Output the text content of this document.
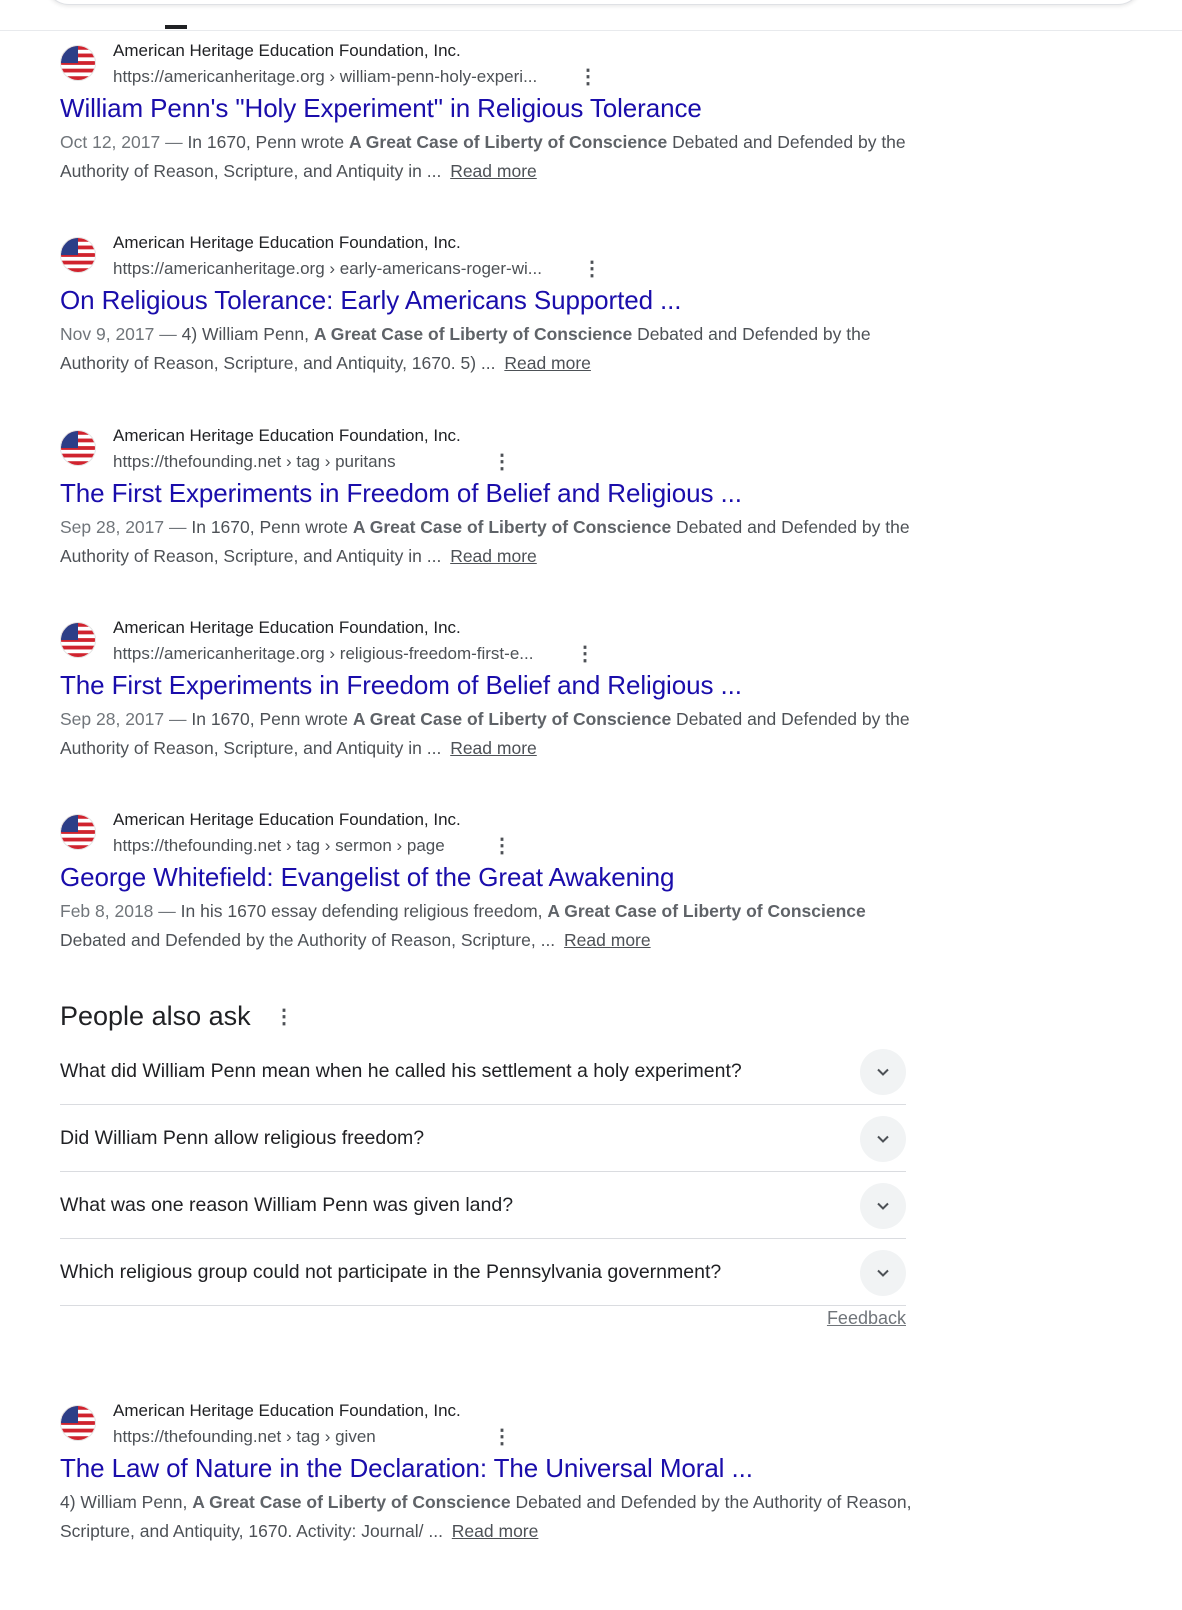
American Heritage Education Foundation, Inc.
https://americanheritage.org › william-penn-holy-experi... ⋮
William Penn's "Holy Experiment" in Religious Tolerance
Oct 12, 2017 — In 1670, Penn wrote A Great Case of Liberty of Conscience Debated and Defended by the Authority of Reason, Scripture, and Antiquity in ... Read more
American Heritage Education Foundation, Inc.
https://americanheritage.org › early-americans-roger-wi... ⋮
On Religious Tolerance: Early Americans Supported ...
Nov 9, 2017 — 4) William Penn, A Great Case of Liberty of Conscience Debated and Defended by the Authority of Reason, Scripture, and Antiquity, 1670. 5) ... Read more
American Heritage Education Foundation, Inc.
https://thefounding.net › tag › puritans	⋮
The First Experiments in Freedom of Belief and Religious ...
Sep 28, 2017 — In 1670, Penn wrote A Great Case of Liberty of Conscience Debated and Defended by the Authority of Reason, Scripture, and Antiquity in ... Read more
American Heritage Education Foundation, Inc.
https://americanheritage.org › religious-freedom-first-e... ⋮
The First Experiments in Freedom of Belief and Religious ...
Sep 28, 2017 — In 1670, Penn wrote A Great Case of Liberty of Conscience Debated and Defended by the Authority of Reason, Scripture, and Antiquity in ... Read more
American Heritage Education Foundation, Inc.
https://thefounding.net › tag › sermon › page ⋮
George Whitefield: Evangelist of the Great Awakening
Feb 8, 2018 — In his 1670 essay defending religious freedom, A Great Case of Liberty of Conscience Debated and Defended by the Authority of Reason, Scripture, ... Read more
People also ask ⋮
What did William Penn mean when he called his settlement a holy experiment?
Did William Penn allow religious freedom?
What was one reason William Penn was given land?
Which religious group could not participate in the Pennsylvania government?
Feedback
American Heritage Education Foundation, Inc.
https://thefounding.net › tag › given	⋮
The Law of Nature in the Declaration: The Universal Moral ...
4) William Penn, A Great Case of Liberty of Conscience Debated and Defended by the Authority of Reason, Scripture, and Antiquity, 1670. Activity: Journal/ ... Read more
